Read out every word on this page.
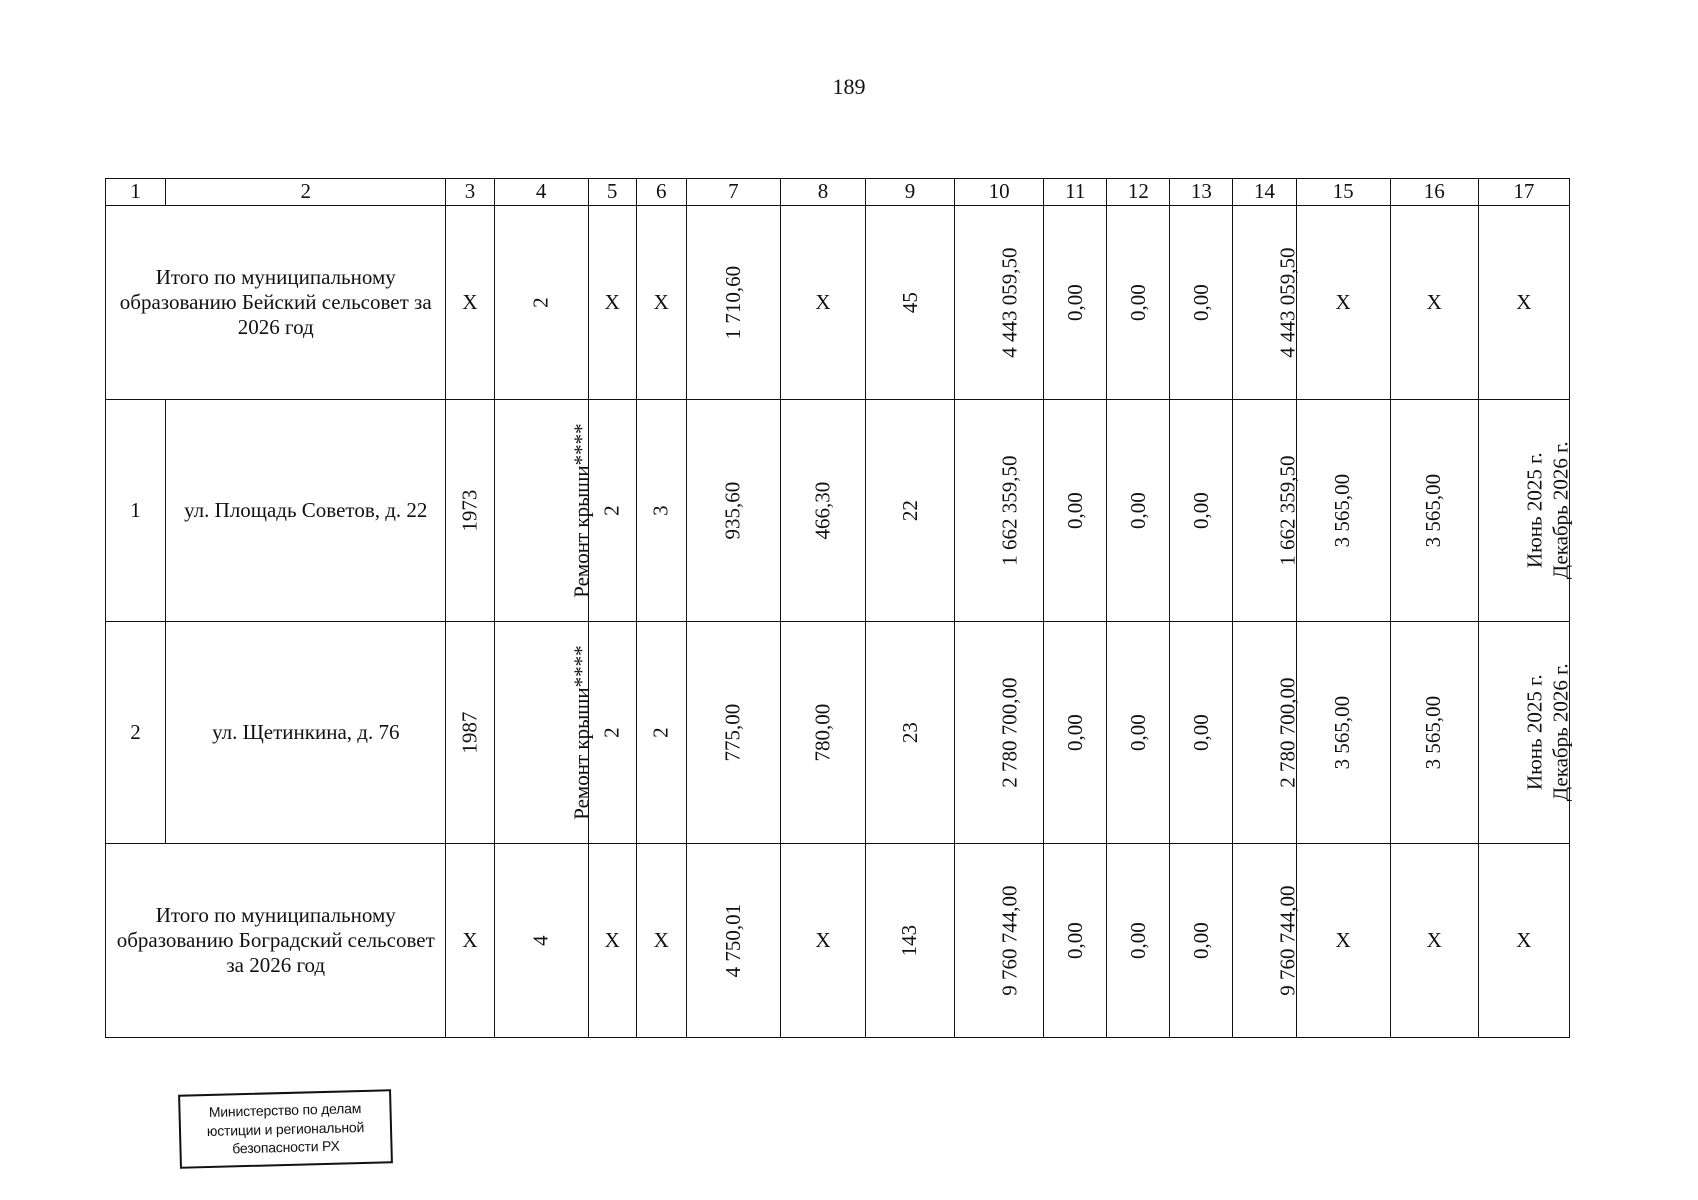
189
1	2	3	4	5	6	7	8	9	10	11	12	13	14	15	16	17
Итого по муниципальному образованию Бейский сельсовет за 2026 год		X	2	X	X	1 710,60	X	45	4 443 059,50	0,00	0,00	0,00	4 443 059,50	X	X	X
1	ул. Площадь Советов, д. 22	1973	Ремонт крыши****	2	3	935,60	466,30	22	1 662 359,50	0,00	0,00	0,00	1 662 359,50	3 565,00	3 565,00	Июнь 2025 г. Декабрь 2026 г.
2	ул. Щетинкина, д. 76	1987	Ремонт крыши****	2	2	775,00	780,00	23	2 780 700,00	0,00	0,00	0,00	2 780 700,00	3 565,00	3 565,00	Июнь 2025 г. Декабрь 2026 г.
Итого по муниципальному образованию Боградский сельсовет за 2026 год		X	4	X	X	4 750,01	X	143	9 760 744,00	0,00	0,00	0,00	9 760 744,00	X	X	X
Министерство по делам
юстиции и региональной
безопасности РХ
